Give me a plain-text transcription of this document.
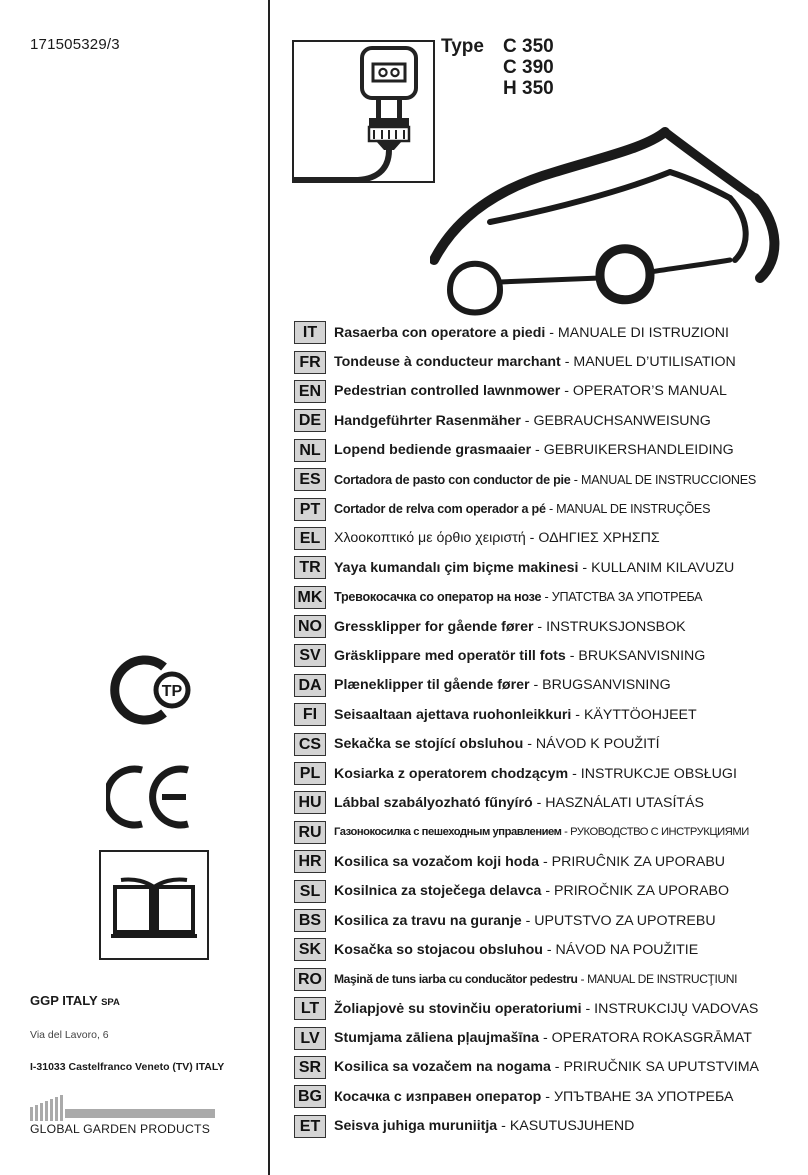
171505329/3	Type	C 350
C 390
H 350
IT	Rasaerba con operatore a piedi - MANUALE DI ISTRUZIONI
FR Tondeuse à conducteur marchant - MANUEL D’UTILISATION
EN Pedestrian controlled lawnmower - OPERATOR’S MANUAL
DE Handgeführter Rasenmäher - GEBRAUCHSANWEISUNG
NL Lopend bediende grasmaaier - GEBRUIKERSHANDLEIDING
ES	Cortadora de pasto con conductor de pie - MANUAL DE INSTRUCCIONES
PT	Cortador de relva com operador a pé - MANUAL DE INSTRUÇÕES
EL Χλοοκοπτικό με όρθιο χειριστή - ΟΔΗΓΙΕΣ ΧΡΗΣΠΣ
TR Yaya kumandalı çim biçme makinesi - KULLANIM KILAVUZU
MK Тревокосачка со оператор на нозе - УПАТСТВА ЗА УПОТРЕБА
NO Gressklipper for gående fører - INSTRUKSJONSBOK
SV Gräsklippare med operatör till fots - BRUKSANVISNING
DA Plæneklipper til gående fører - BRUGSANVISNING
FI	Seisaaltaan ajettava ruohonleikkuri - KÄYTTÖOHJEET
CS Sekačka se stojící obsluhou - NÁVOD K POUŽITÍ
PL Kosiarka z operatorem chodzącym - INSTRUKCJE OBSŁUGI
HU Lábbal szabályozható fűnyíró - HASZNÁLATI UTASÍTÁS
RU	Газонокосилка с пешеходным управлением - РУКОВОДСТВО С ИНСТРУКЦИЯМИ
HR Kosilica sa vozačom koji hoda - PRIRUĈNIK ZA UPORABU
SL Kosilnica za stoječega delavca - PRIROČNIK ZA UPORABO
BS Kosilica za travu na guranje - UPUTSTVO ZA UPOTREBU
SK Kosačka so stojacou obsluhou - NÁVOD NA POUŽITIE
RO Maşină de tuns iarba cu conducător pedestru - MANUAL DE INSTRUCŢIUNI
LT	Žoliapjovė su stovinčiu operatoriumi - INSTRUKCIJŲ VADOVAS
LV	Stumjama zāliena pļaujmašīna - OPERATORA ROKASGRĀMAT
SR Kosilica sa vozačem na nogama - PRIRUČNIK SA UPUTSTVIMA
BG Косачка с изправен оператор - УПЪТВАНЕ ЗА УПОТРЕБА
ET Seisva juhiga muruniitja - KASUTUSJUHEND
ТР
GGP ITALY SPA
Via del Lavoro, 6
I-31033 Castelfranco Veneto (TV) ITALY
GLOBAL GARDEN PRODUCTS
